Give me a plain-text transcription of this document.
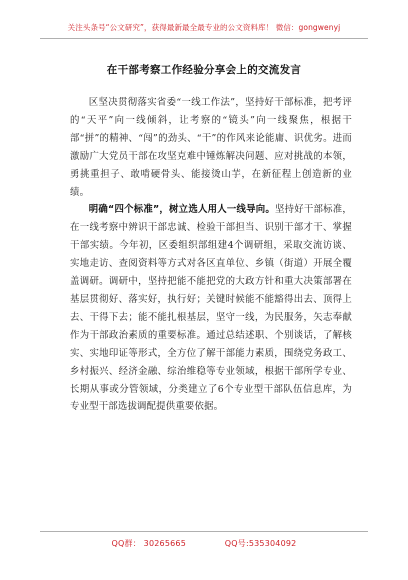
关注头条号“公文研究”，获得最新最全最专业的公文资料库！ 微信：gongwenyj
在干部考察工作经验分享会上的交流发言

区坚决贯彻落实省委“一线工作法”，坚持好干部标准，把考评的“天平”向一线倾斜，让考察的“镜头”向一线聚焦，根据干部“拼”的精神、“闯”的劲头、“干”的作风来论能庸、识优劣。进而激励广大党员干部在攻坚克难中锤炼解决问题、应对挑战的本领，勇挑重担子、敢啃硬骨头、能接烫山芋，在新征程上创造新的业绩。

明确“四个标准”，树立选人用人一线导向。坚持好干部标准，在一线考察中辨识干部忠诚、检验干部担当、识别干部才干、掌握干部实绩。今年初，区委组织部组建4个调研组，采取交流访谈、实地走访、查阅资料等方式对各区直单位、乡镇（街道）开展全覆盖调研。调研中，坚持把能不能把党的大政方针和重大决策部署在基层贯彻好、落实好，执行好；关键时候能不能豁得出去、顶得上去、干得下去；能不能扎根基层，坚守一线，为民服务，矢志奉献作为干部政治素质的重要标准。通过总结述职、个别谈话，了解核实、实地印证等形式，全方位了解干部能力素质，围绕党务政工、乡村振兴、经济金融、综治维稳等专业领域，根据干部所学专业、长期从事或分管领域，分类建立了6个专业型干部队伍信息库，为专业型干部选拔调配提供重要依据。

QQ群： 30265665	QQ号:535304092
